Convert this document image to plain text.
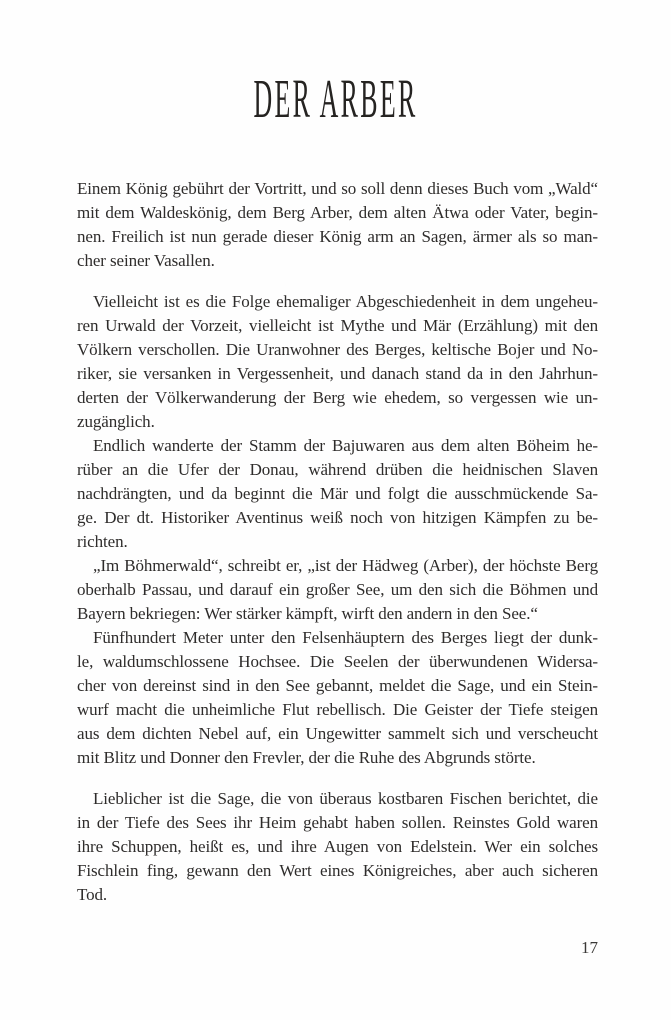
DER ARBER
Einem König gebührt der Vortritt, und so soll denn dieses Buch vom „Wald“
mit dem Waldeskönig, dem Berg Arber, dem alten Ätwa oder Vater, begin-
nen. Freilich ist nun gerade dieser König arm an Sagen, ärmer als so man-
cher seiner Vasallen.
Vielleicht ist es die Folge ehemaliger Abgeschiedenheit in dem ungeheu-
ren Urwald der Vorzeit, vielleicht ist Mythe und Mär (Erzählung) mit den
Völkern verschollen. Die Uranwohner des Berges, keltische Bojer und No-
riker, sie versanken in Vergessenheit, und danach stand da in den Jahrhun-
derten der Völkerwanderung der Berg wie ehedem, so vergessen wie un-
zugänglich.
Endlich wanderte der Stamm der Bajuwaren aus dem alten Böheim he-
rüber an die Ufer der Donau, während drüben die heidnischen Slaven
nachdrängten, und da beginnt die Mär und folgt die ausschmückende Sa-
ge. Der dt. Historiker Aventinus weiß noch von hitzigen Kämpfen zu be-
richten.
„Im Böhmerwald“, schreibt er, „ist der Hädweg (Arber), der höchste Berg
oberhalb Passau, und darauf ein großer See, um den sich die Böhmen und
Bayern bekriegen: Wer stärker kämpft, wirft den andern in den See.“
Fünfhundert Meter unter den Felsenhäuptern des Berges liegt der dunk-
le, waldumschlossene Hochsee. Die Seelen der überwundenen Widersa-
cher von dereinst sind in den See gebannt, meldet die Sage, und ein Stein-
wurf macht die unheimliche Flut rebellisch. Die Geister der Tiefe steigen
aus dem dichten Nebel auf, ein Ungewitter sammelt sich und verscheucht
mit Blitz und Donner den Frevler, der die Ruhe des Abgrunds störte.
Lieblicher ist die Sage, die von überaus kostbaren Fischen berichtet, die
in der Tiefe des Sees ihr Heim gehabt haben sollen. Reinstes Gold waren
ihre Schuppen, heißt es, und ihre Augen von Edelstein. Wer ein solches
Fischlein fing, gewann den Wert eines Königreiches, aber auch sicheren
Tod.
17
